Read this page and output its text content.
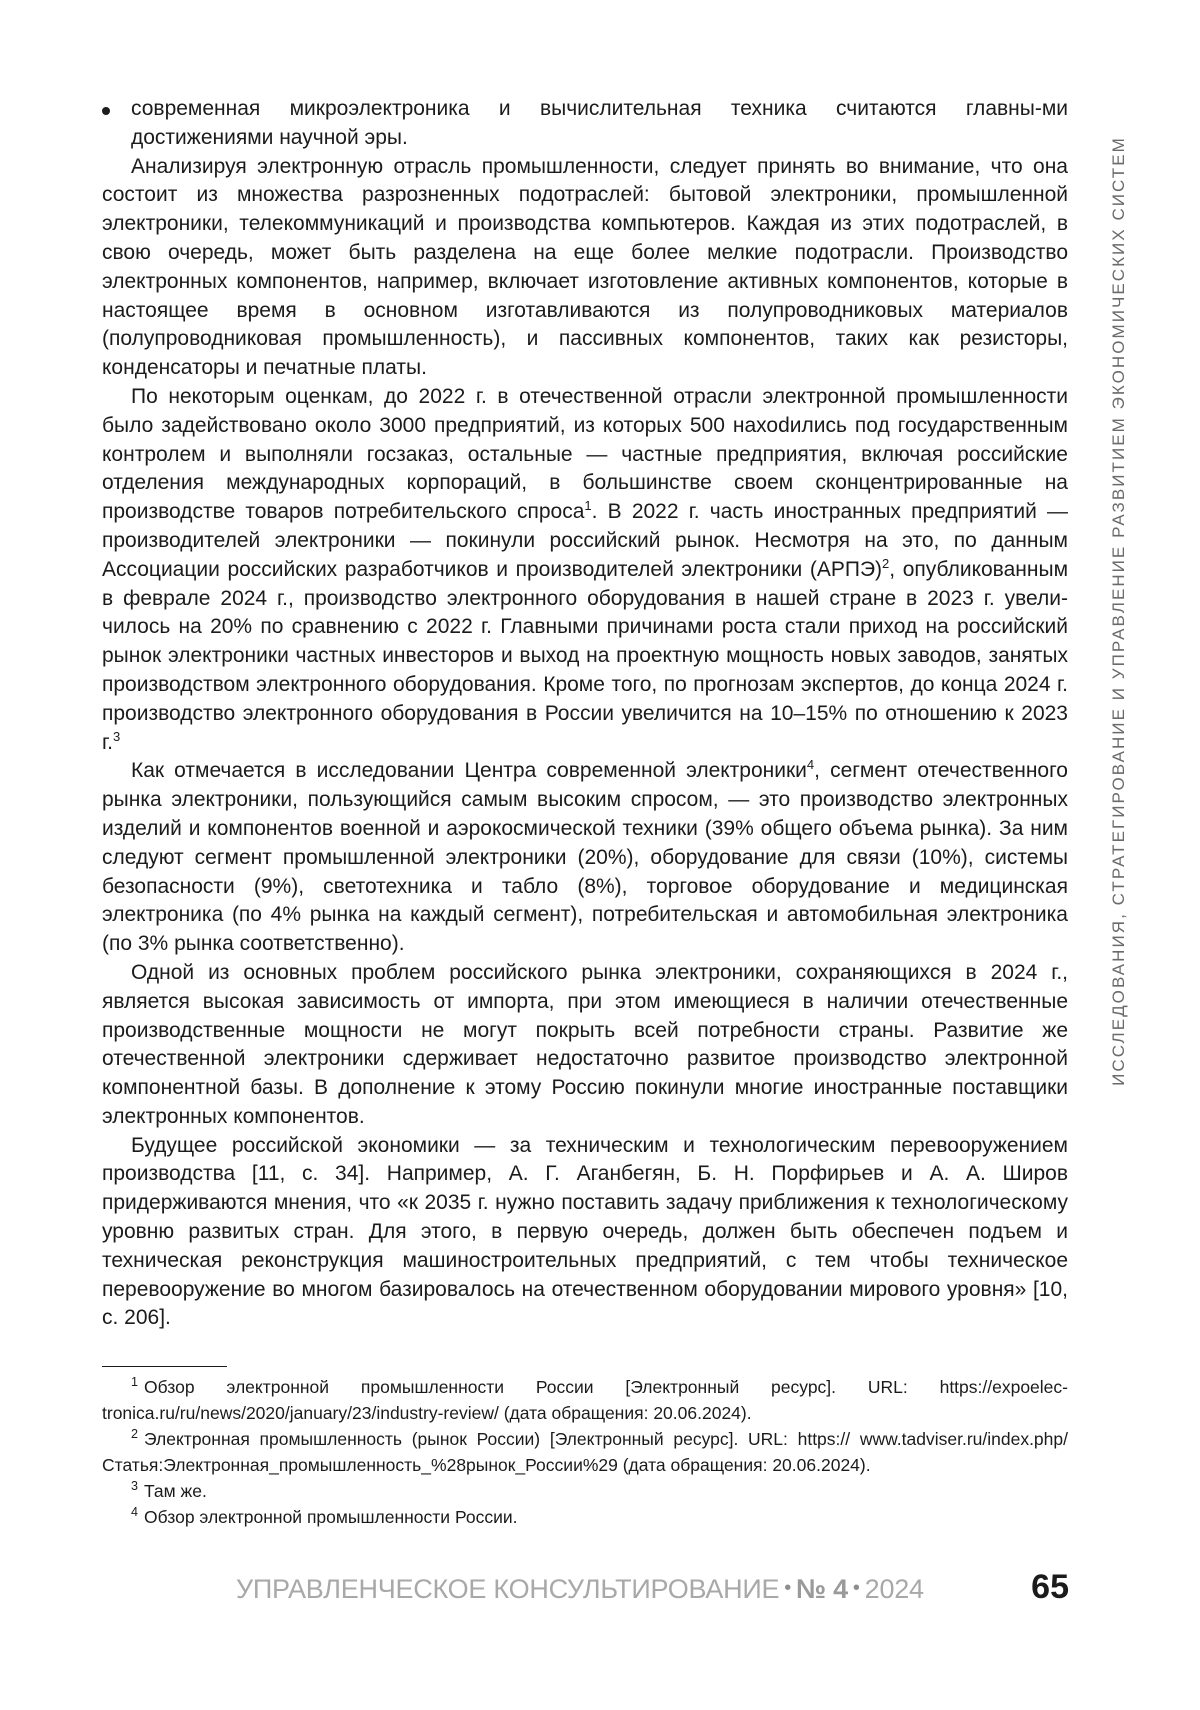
ИССЛЕДОВАНИЯ, СТРАТЕГИРОВАНИЕ И УПРАВЛЕНИЕ РАЗВИТИЕМ ЭКОНОМИЧЕСКИХ СИСТЕМ

современная микроэлектроника и вычислительная техника считаются главны-ми достижениями научной эры.

Анализируя электронную отрасль промышленности, следует принять во внимание, что она состоит из множества разрозненных подотраслей: бытовой электроники, промышленной электроники, телекоммуникаций и производства компьютеров. Каждая из этих подотраслей, в свою очередь, может быть разделена на еще более мелкие подотрасли. Производство электронных компонентов, например, включает изготовление активных компонентов, которые в настоящее время в основном изготавливаются из полупроводниковых материалов (полупроводниковая промышленность), и пассивных компонентов, таких как резисторы, конденсаторы и печатные платы.

По некоторым оценкам, до 2022 г. в отечественной отрасли электронной промышленности было задействовано около 3000 предприятий, из которых 500 нахоdились под государственным контролем и выполняли госзаказ, остальные — частные предприятия, включая российские отделения международных корпораций, в большинстве своем сконцентрированные на производстве товаров потребительского спроса$^1$. В 2022 г. часть иностранных предприятий — производителей электроники — покинули российский рынок. Несмотря на это, по данным Ассоциации российских разработчиков и производителей электроники (АРПЭ)$^2$, опубликованным в феврале 2024 г., производство электронного оборудования в нашей стране в 2023 г. увеличилось на 20% по сравнению с 2022 г. Главными причинами роста стали приход на российский рынок электроники частных инвесторов и выход на проектную мощность новых заводов, занятых производством электронного оборудования. Кроме того, по прогнозам экспертов, до конца 2024 г. производство электронного оборудования в России увеличится на 10–15% по отношению к 2023 г.$^3$

Как отмечается в исследовании Центра современной электроники$^4$, сегмент отечественного рынка электроники, пользующийся самым высоким спросом, — это производство электронных изделий и компонентов военной и аэрокосмической техники (39% общего объема рынка). За ним следуют сегмент промышленной электроники (20%), оборудование для связи (10%), системы безопасности (9%), светотехника и табло (8%), торговое оборудование и медицинская электроника (по 4% рынка на каждый сегмент), потребительская и автомобильная электроника (по 3% рынка соответственно).

Одной из основных проблем российского рынка электроники, сохраняющихся в 2024 г., является высокая зависимость от импорта, при этом имеющиеся в наличии отечественные производственные мощности не могут покрыть всей потребности страны. Развитие же отечественной электроники сдерживает недостаточно развитое производство электронной компонентной базы. В дополнение к этому Россию покинули многие иностранные поставщики электронных компонентов.

Будущее российской экономики — за техническим и технологическим перевооружением производства [11, с. 34]. Например, А. Г. Аганбегян, Б. Н. Порфирьев и А. А. Широв придерживаются мнения, что «к 2035 г. нужно поставить задачу приближения к технологическому уровню развитых стран. Для этого, в первую очередь, должен быть обеспечен подъем и техническая реконструкция машиностроительных предприятий, с тем чтобы техническое перевооружение во многом базировалось на отечественном оборудовании мирового уровня» [10, с. 206].

$^1$ Обзор электронной промышленности России [Электронный ресурс]. URL: https://expoelectronica.ru/ru/news/2020/january/23/industry-review/ (дата обращения: 20.06.2024).

$^2$ Электронная промышленность (рынок России) [Электронный ресурс]. URL: https:// www.tadviser.ru/index.php/Статья:Электронная_промышленность_%28рынок_России%29 (дата обращения: 20.06.2024).

$^3$ Там же.

$^4$ Обзор электронной промышленности России.

УПРАВЛЕНЧЕСКОЕ КОНСУЛЬТИРОВАНИЕ • № 4 • 2024	65
